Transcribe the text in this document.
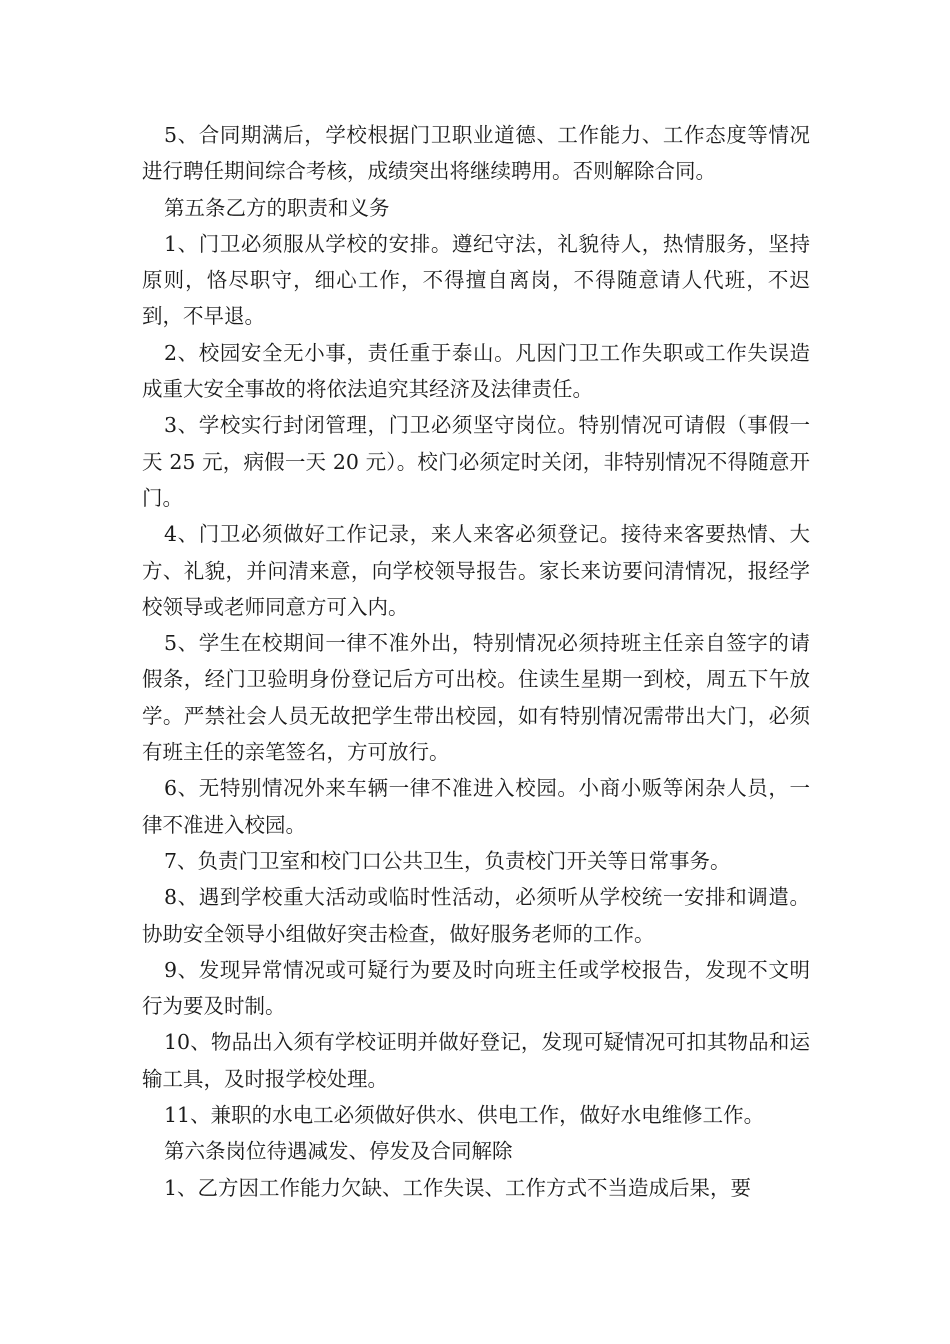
5、合同期满后，学校根据门卫职业道德、工作能力、工作态度等情况进行聘任期间综合考核，成绩突出将继续聘用。否则解除合同。

第五条乙方的职责和义务

1、门卫必须服从学校的安排。遵纪守法，礼貌待人，热情服务，坚持原则，恪尽职守，细心工作，不得擅自离岗，不得随意请人代班，不迟到，不早退。

2、校园安全无小事，责任重于泰山。凡因门卫工作失职或工作失误造成重大安全事故的将依法追究其经济及法律责任。

3、学校实行封闭管理，门卫必须坚守岗位。特别情况可请假（事假一天 25 元，病假一天 20 元）。校门必须定时关闭，非特别情况不得随意开门。

4、门卫必须做好工作记录，来人来客必须登记。接待来客要热情、大方、礼貌，并问清来意，向学校领导报告。家长来访要问清情况，报经学校领导或老师同意方可入内。

5、学生在校期间一律不准外出，特别情况必须持班主任亲自签字的请假条，经门卫验明身份登记后方可出校。住读生星期一到校，周五下午放学。严禁社会人员无故把学生带出校园，如有特别情况需带出大门，必须有班主任的亲笔签名，方可放行。

6、无特别情况外来车辆一律不准进入校园。小商小贩等闲杂人员，一律不准进入校园。

7、负责门卫室和校门口公共卫生，负责校门开关等日常事务。

8、遇到学校重大活动或临时性活动，必须听从学校统一安排和调遣。协助安全领导小组做好突击检查，做好服务老师的工作。

9、发现异常情况或可疑行为要及时向班主任或学校报告，发现不文明行为要及时制。

10、物品出入须有学校证明并做好登记，发现可疑情况可扣其物品和运输工具，及时报学校处理。

11、兼职的水电工必须做好供水、供电工作，做好水电维修工作。

第六条岗位待遇减发、停发及合同解除

1、乙方因工作能力欠缺、工作失误、工作方式不当造成后果，要
